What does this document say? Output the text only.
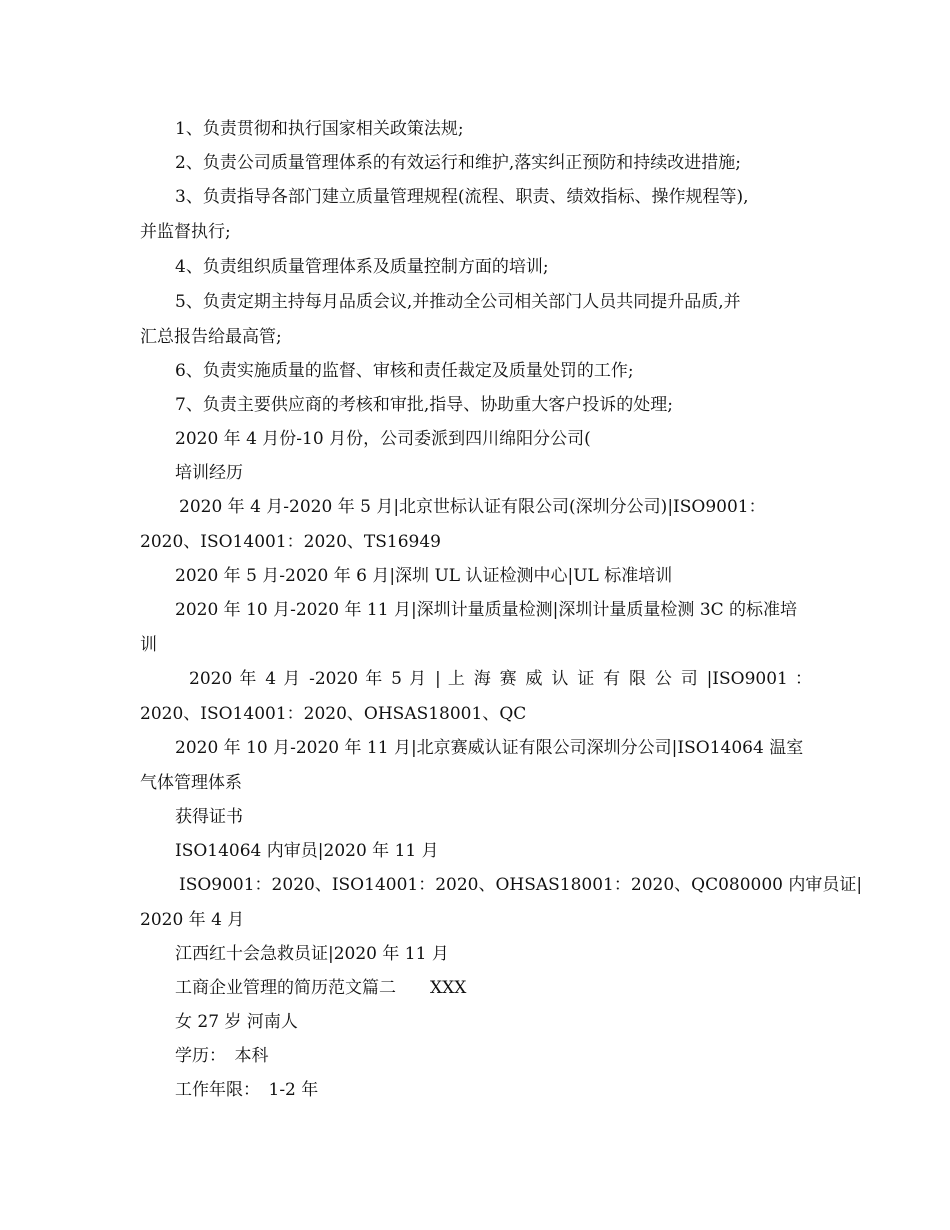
1、负责贯彻和执行国家相关政策法规;
2、负责公司质量管理体系的有效运行和维护,落实纠正预防和持续改进措施;
3、负责指导各部门建立质量管理规程(流程、职责、绩效指标、操作规程等),
并监督执行;
4、负责组织质量管理体系及质量控制方面的培训;
5、负责定期主持每月品质会议,并推动全公司相关部门人员共同提升品质,并
汇总报告给最高管;
6、负责实施质量的监督、审核和责任裁定及质量处罚的工作;
7、负责主要供应商的考核和审批,指导、协助重大客户投诉的处理;
2020 年 4 月份-10 月份，公司委派到四川绵阳分公司(
培训经历
2020 年 4 月-2020 年 5 月|北京世标认证有限公司(深圳分公司)|ISO9001：
2020、ISO14001：2020、TS16949
2020 年 5 月-2020 年 6 月|深圳 UL 认证检测中心|UL 标准培训
2020 年 10 月-2020 年 11 月|深圳计量质量检测|深圳计量质量检测 3C 的标准培
训
2020 年 4 月 -2020 年 5 月 | 上 海 赛 威 认 证 有 限 公 司 |ISO9001 ：
2020、ISO14001：2020、OHSAS18001、QC
2020 年 10 月-2020 年 11 月|北京赛威认证有限公司深圳分公司|ISO14064 温室
气体管理体系
获得证书
ISO14064 内审员|2020 年 11 月
ISO9001：2020、ISO14001：2020、OHSAS18001：2020、QC080000 内审员证|
2020 年 4 月
江西红十会急救员证|2020 年 11 月
工商企业管理的简历范文篇二　　XXX
女 27 岁 河南人
学历：　本科
工作年限：　1-2 年
